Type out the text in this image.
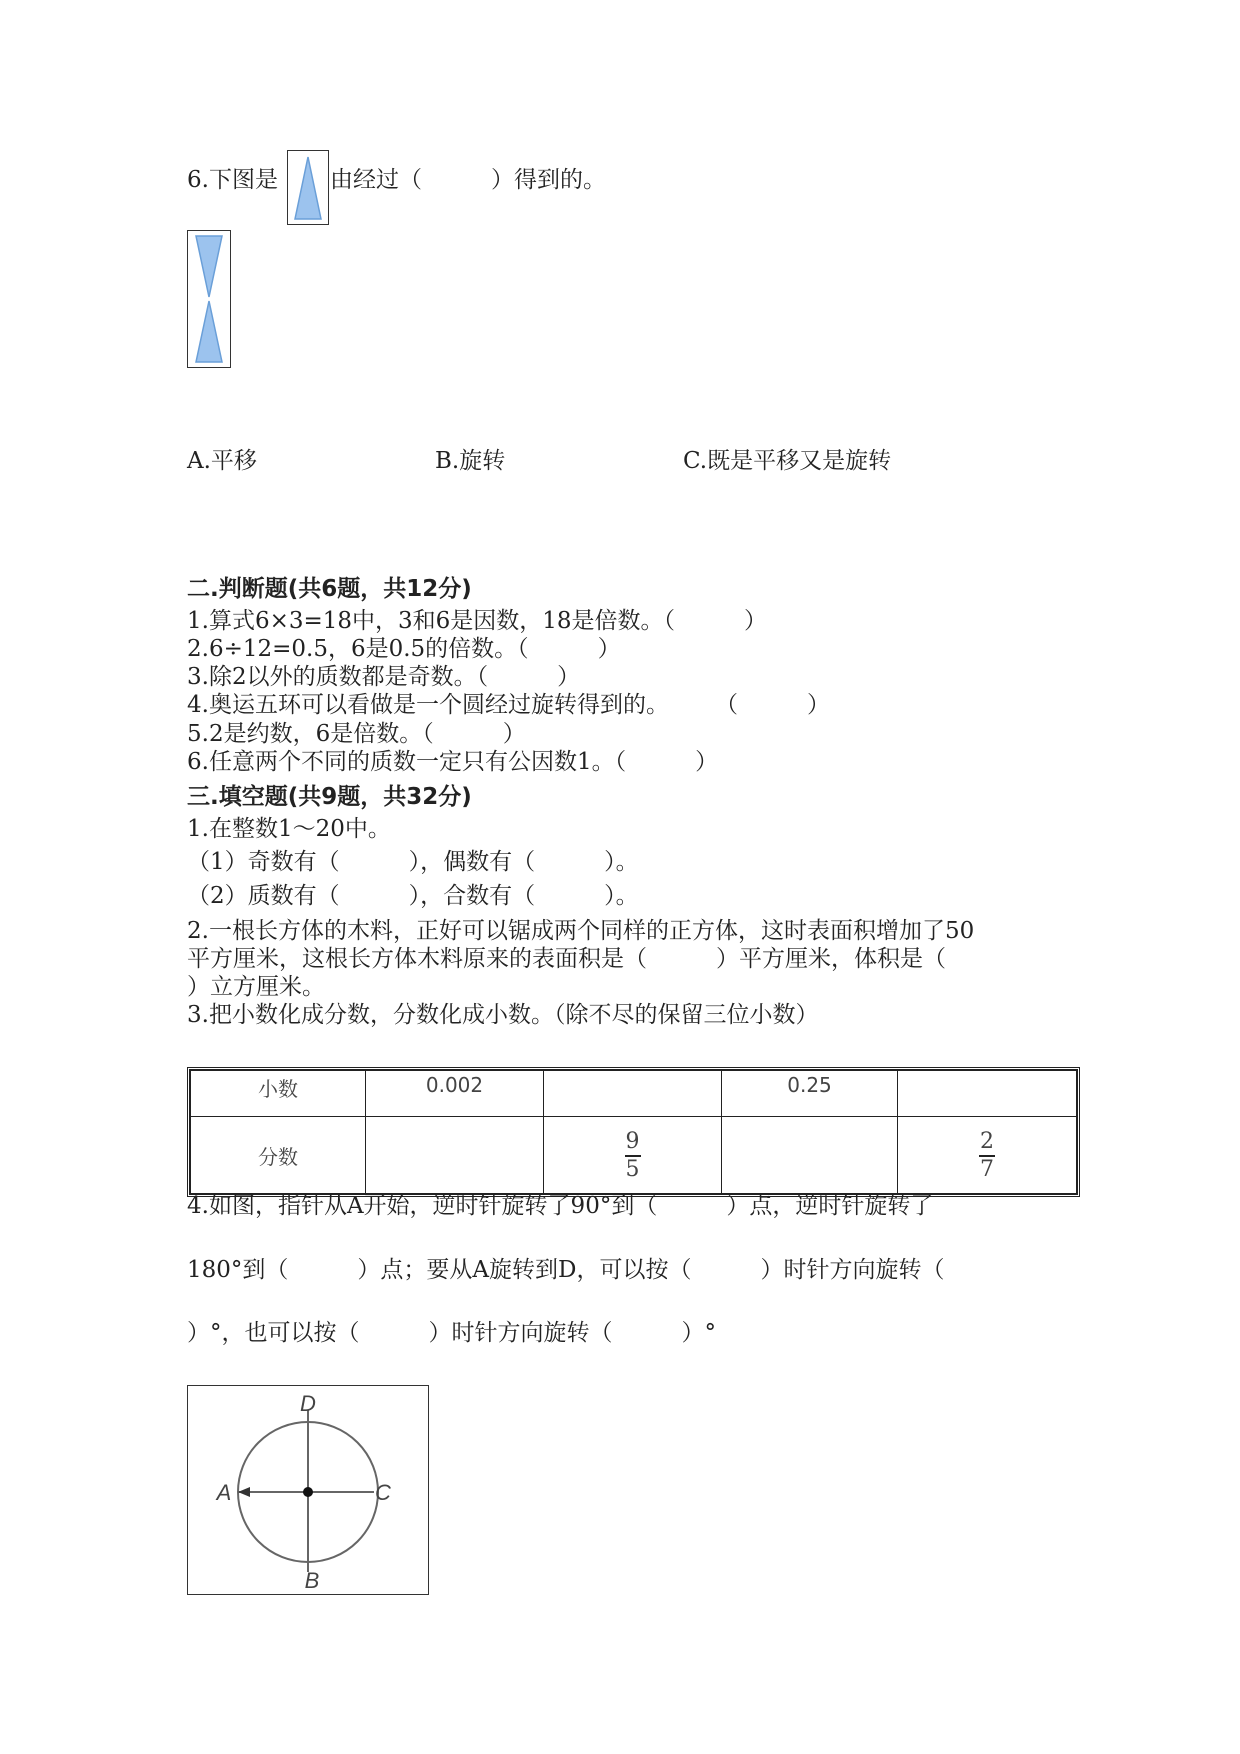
6.下图是 由经过（　　　）得到的。
A.平移	B.旋转	C.既是平移又是旋转
二.判断题(共6题，共12分)
1.算式6×3=18中，3和6是因数，18是倍数。（　　　）
2.6÷12=0.5，6是0.5的倍数。（　　　）
3.除2以外的质数都是奇数。（　　　）
4.奥运五环可以看做是一个圆经过旋转得到的。　　　（　　　）
5.2是约数，6是倍数。（　　　）
6.任意两个不同的质数一定只有公因数1。（　　　）
三.填空题(共9题，共32分)
1.在整数1～20中。
（1）奇数有（　　　），偶数有（　　　）。
（2）质数有（　　　），合数有（　　　）。
2.一根长方体的木料，正好可以锯成两个同样的正方体，这时表面积增加了50
平方厘米，这根长方体木料原来的表面积是（　　　）平方厘米，体积是（
）立方厘米。
3.把小数化成分数，分数化成小数。（除不尽的保留三位小数）
小数	0.002		0.25	
分数		$\frac{9}{5}$		$\frac{2}{7}$
4.如图，指针从A开始，逆时针旋转了90°到（　　　）点，逆时针旋转了
180°到（　　　）点；要从A旋转到D，可以按（　　　）时针方向旋转（
）°，也可以按（　　　）时针方向旋转（　　　）°
D
A	C
B
